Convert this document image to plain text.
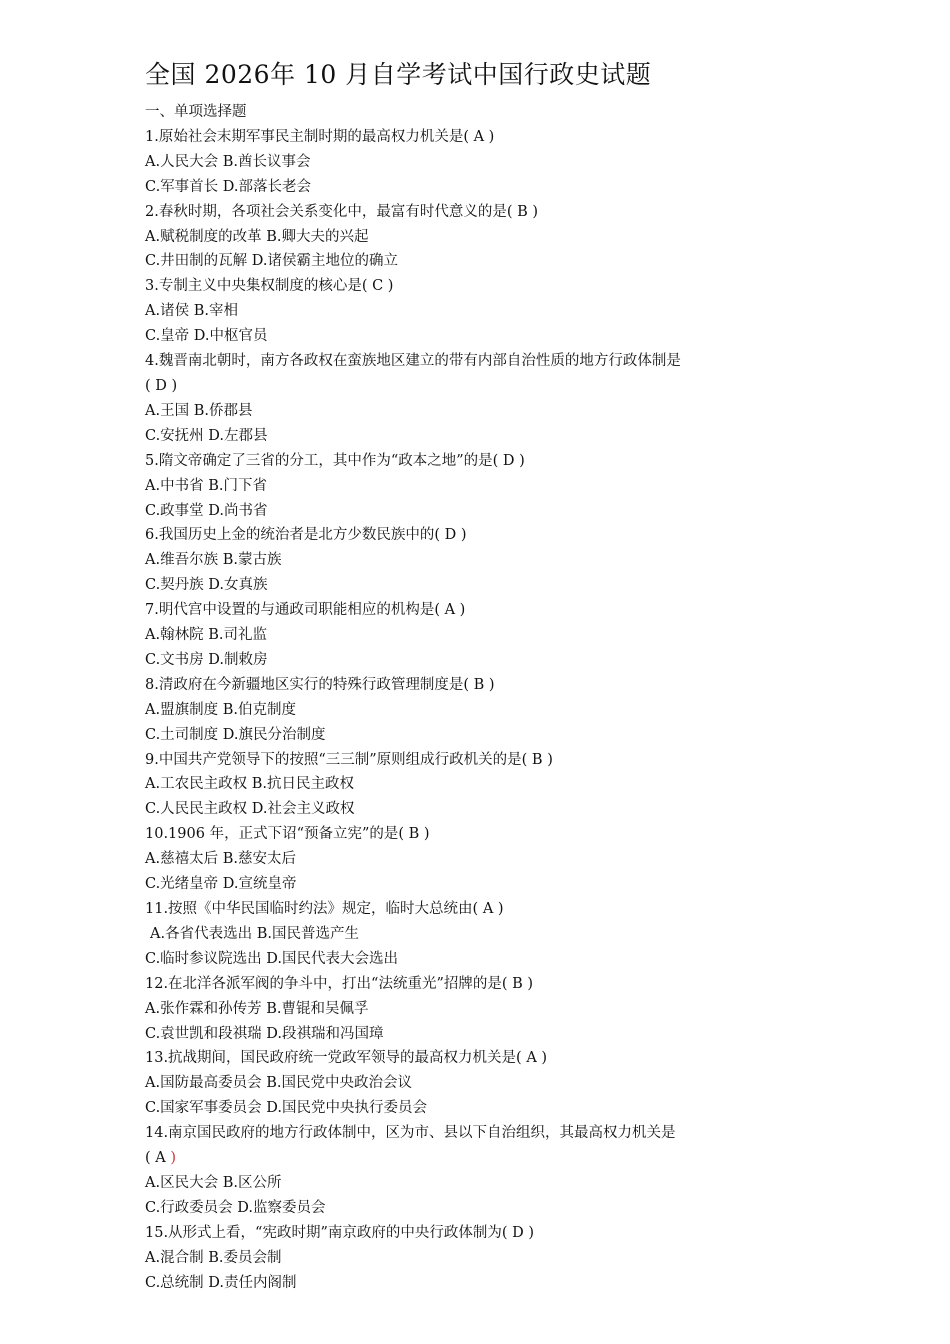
全国 2026年 10 月自学考试中国行政史试题
一、单项选择题
1.原始社会末期军事民主制时期的最高权力机关是( A )
A.人民大会 B.酋长议事会
C.军事首长 D.部落长老会
2.春秋时期，各项社会关系变化中，最富有时代意义的是( B )
A.赋税制度的改革 B.卿大夫的兴起
C.井田制的瓦解 D.诸侯霸主地位的确立
3.专制主义中央集权制度的核心是( C )
A.诸侯 B.宰相
C.皇帝 D.中枢官员
4.魏晋南北朝时，南方各政权在蛮族地区建立的带有内部自治性质的地方行政体制是
( D )
A.王国 B.侨郡县
C.安抚州 D.左郡县
5.隋文帝确定了三省的分工，其中作为“政本之地”的是( D )
A.中书省 B.门下省
C.政事堂 D.尚书省
6.我国历史上金的统治者是北方少数民族中的( D )
A.维吾尔族 B.蒙古族
C.契丹族 D.女真族
7.明代宫中设置的与通政司职能相应的机构是( A )
A.翰林院 B.司礼监
C.文书房 D.制敕房
8.清政府在今新疆地区实行的特殊行政管理制度是( B )
A.盟旗制度 B.伯克制度
C.土司制度 D.旗民分治制度
9.中国共产党领导下的按照“三三制”原则组成行政机关的是( B )
A.工农民主政权 B.抗日民主政权
C.人民民主政权 D.社会主义政权
10.1906 年，正式下诏“预备立宪”的是( B )
A.慈禧太后 B.慈安太后
C.光绪皇帝 D.宣统皇帝
11.按照《中华民国临时约法》规定，临时大总统由( A )
A.各省代表选出 B.国民普选产生
C.临时参议院选出 D.国民代表大会选出
12.在北洋各派军阀的争斗中，打出“法统重光”招牌的是( B )
A.张作霖和孙传芳 B.曹锟和吴佩孚
C.袁世凯和段祺瑞 D.段祺瑞和冯国璋
13.抗战期间，国民政府统一党政军领导的最高权力机关是( A )
A.国防最高委员会 B.国民党中央政治会议
C.国家军事委员会 D.国民党中央执行委员会
14.南京国民政府的地方行政体制中，区为市、县以下自治组织，其最高权力机关是
( A )
A.区民大会 B.区公所
C.行政委员会 D.监察委员会
15.从形式上看，“宪政时期”南京政府的中央行政体制为( D )
A.混合制 B.委员会制
C.总统制 D.责任内阁制
